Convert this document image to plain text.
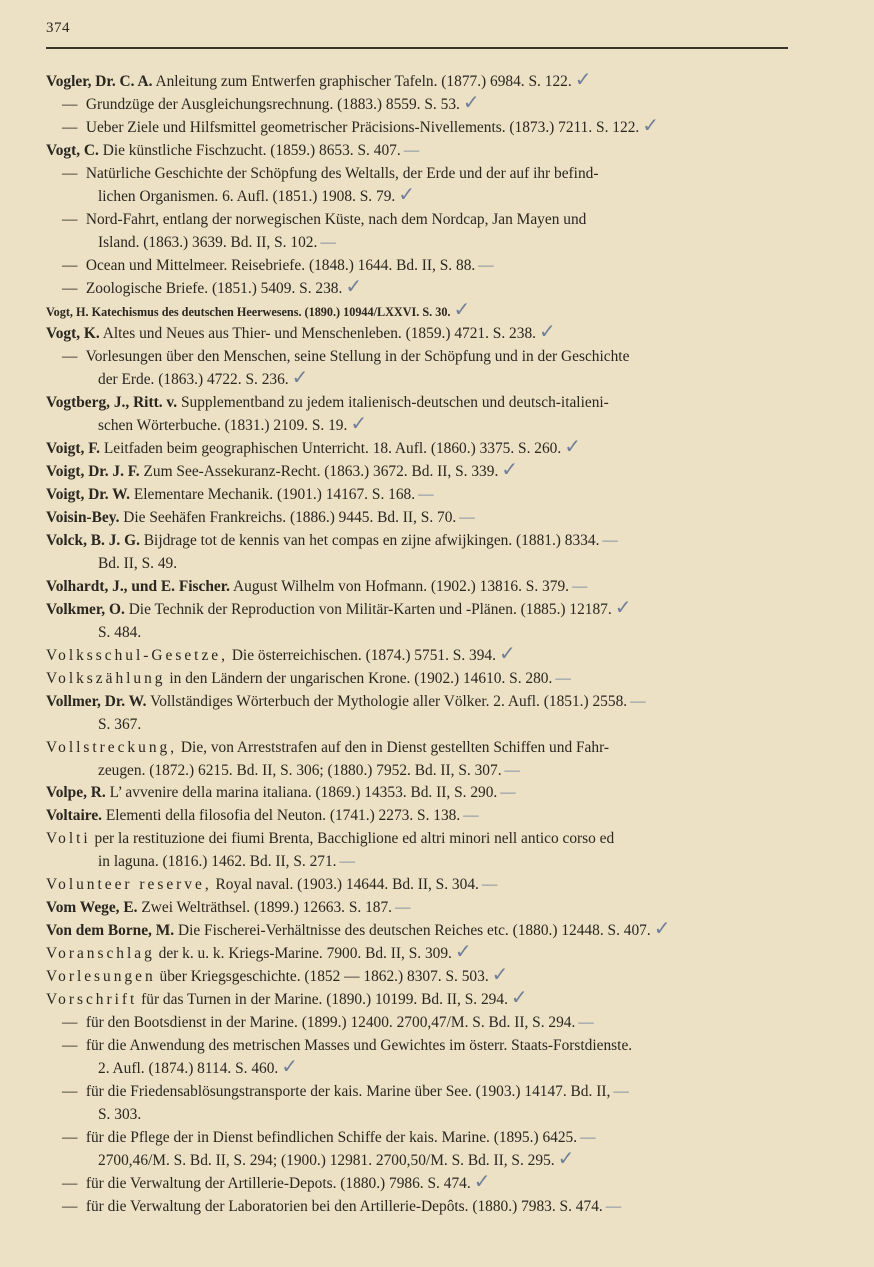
374
Vogler, Dr. C. A. Anleitung zum Entwerfen graphischer Tafeln. (1877.) 6984. S. 122. ✓
— Grundzüge der Ausgleichungsrechnung. (1883.) 8559. S. 53. ✓
— Ueber Ziele und Hilfsmittel geometrischer Präcisions-Nivellements. (1873.) 7211. S. 122. ✓
Vogt, C. Die künstliche Fischzucht. (1859.) 8653. S. 407. —
— Natürliche Geschichte der Schöpfung des Weltalls, der Erde und der auf ihr befind-
lichen Organismen. 6. Aufl. (1851.) 1908. S. 79. ✓
— Nord-Fahrt, entlang der norwegischen Küste, nach dem Nordcap, Jan Mayen und
Island. (1863.) 3639. Bd. II, S. 102. —
— Ocean und Mittelmeer. Reisebriefe. (1848.) 1644. Bd. II, S. 88. —
— Zoologische Briefe. (1851.) 5409. S. 238. ✓
Vogt, H. Katechismus des deutschen Heerwesens. (1890.) 10944/LXXVI. S. 30. ✓
Vogt, K. Altes und Neues aus Thier- und Menschenleben. (1859.) 4721. S. 238. ✓
— Vorlesungen über den Menschen, seine Stellung in der Schöpfung und in der Geschichte
der Erde. (1863.) 4722. S. 236. ✓
Vogtberg, J., Ritt. v. Supplementband zu jedem italienisch-deutschen und deutsch-italieni-
schen Wörterbuche. (1831.) 2109. S. 19. ✓
Voigt, F. Leitfaden beim geographischen Unterricht. 18. Aufl. (1860.) 3375. S. 260. ✓
Voigt, Dr. J. F. Zum See-Assekuranz-Recht. (1863.) 3672. Bd. II, S. 339. ✓
Voigt, Dr. W. Elementare Mechanik. (1901.) 14167. S. 168. —
Voisin-Bey. Die Seehäfen Frankreichs. (1886.) 9445. Bd. II, S. 70. —
Volck, B. J. G. Bijdrage tot de kennis van het compas en zijne afwijkingen. (1881.) 8334. —
Bd. II, S. 49.
Volhardt, J., und E. Fischer. August Wilhelm von Hofmann. (1902.) 13816. S. 379. —
Volkmer, O. Die Technik der Reproduction von Militär-Karten und -Plänen. (1885.) 12187. ✓
S. 484.
Volksschul-Gesetze, Die österreichischen. (1874.) 5751. S. 394. ✓
Volkszählung in den Ländern der ungarischen Krone. (1902.) 14610. S. 280. —
Vollmer, Dr. W. Vollständiges Wörterbuch der Mythologie aller Völker. 2. Aufl. (1851.) 2558. —
S. 367.
Vollstreckung, Die, von Arreststrafen auf den in Dienst gestellten Schiffen und Fahr-
zeugen. (1872.) 6215. Bd. II, S. 306; (1880.) 7952. Bd. II, S. 307. —
Volpe, R. L’ avvenire della marina italiana. (1869.) 14353. Bd. II, S. 290. —
Voltaire. Elementi della filosofia del Neuton. (1741.) 2273. S. 138. —
Volti per la restituzione dei fiumi Brenta, Bacchiglione ed altri minori nell antico corso ed
in laguna. (1816.) 1462. Bd. II, S. 271. —
Volunteer reserve, Royal naval. (1903.) 14644. Bd. II, S. 304. —
Vom Wege, E. Zwei Welträthsel. (1899.) 12663. S. 187. —
Von dem Borne, M. Die Fischerei-Verhältnisse des deutschen Reiches etc. (1880.) 12448. S. 407. ✓
Voranschlag der k. u. k. Kriegs-Marine. 7900. Bd. II, S. 309. ✓
Vorlesungen über Kriegsgeschichte. (1852 — 1862.) 8307. S. 503. ✓
Vorschrift für das Turnen in der Marine. (1890.) 10199. Bd. II, S. 294. ✓
— für den Bootsdienst in der Marine. (1899.) 12400. 2700,47/M. S. Bd. II, S. 294. —
— für die Anwendung des metrischen Masses und Gewichtes im österr. Staats-Forstdienste.
2. Aufl. (1874.) 8114. S. 460. ✓
— für die Friedensablösungstransporte der kais. Marine über See. (1903.) 14147. Bd. II, —
S. 303.
— für die Pflege der in Dienst befindlichen Schiffe der kais. Marine. (1895.) 6425. —
2700,46/M. S. Bd. II, S. 294; (1900.) 12981. 2700,50/M. S. Bd. II, S. 295. ✓
— für die Verwaltung der Artillerie-Depots. (1880.) 7986. S. 474. ✓
— für die Verwaltung der Laboratorien bei den Artillerie-Depôts. (1880.) 7983. S. 474. —
